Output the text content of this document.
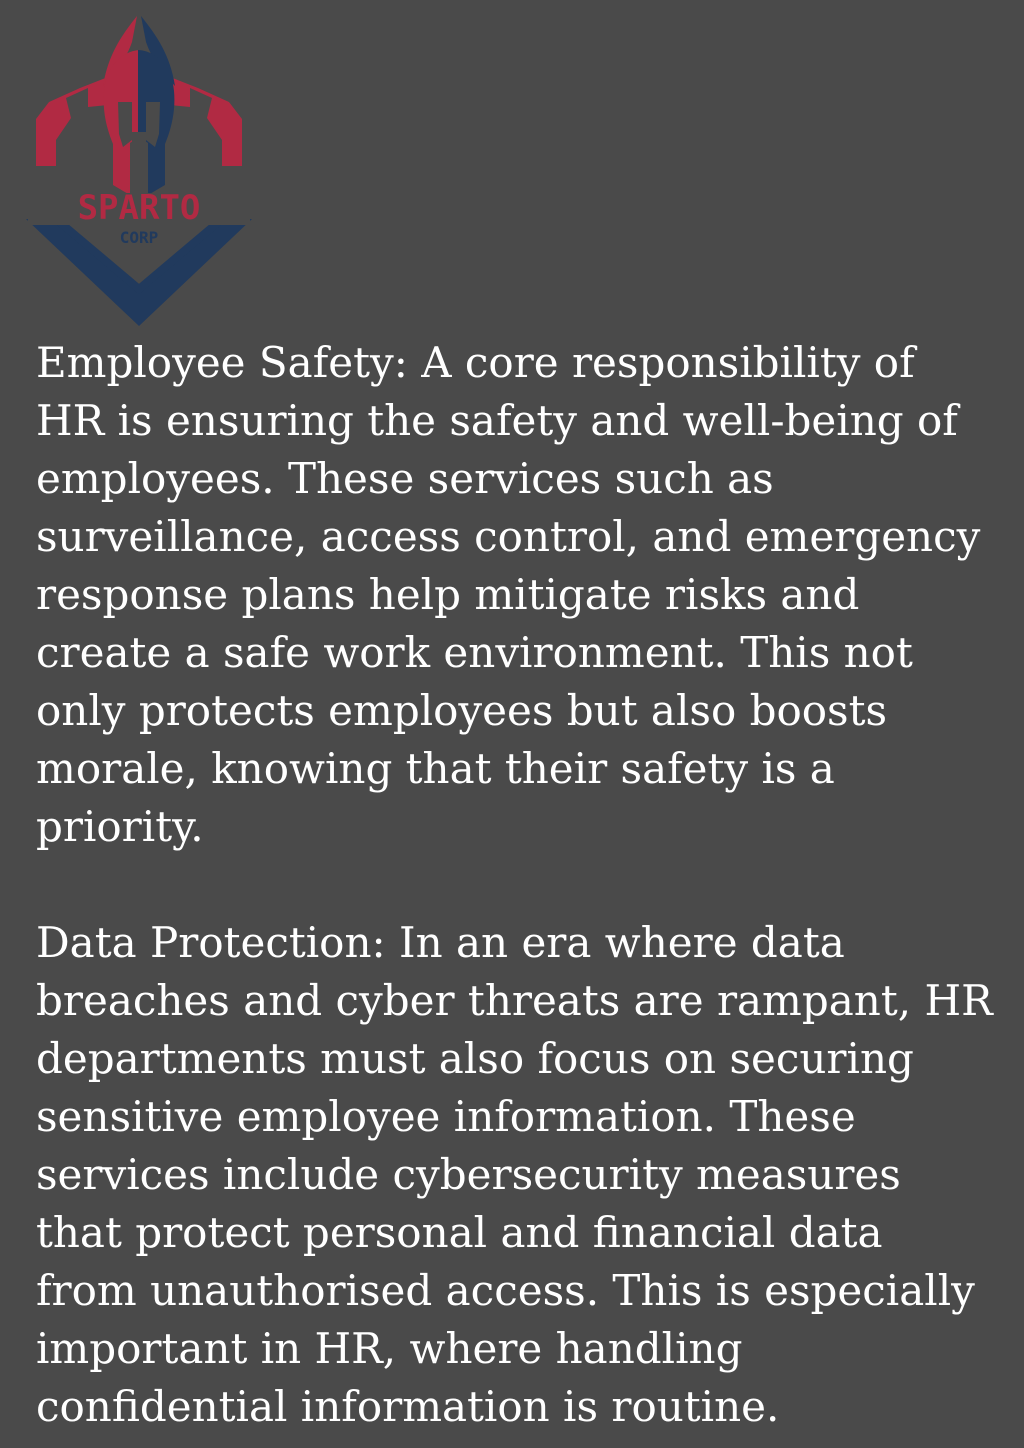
SPARTO
CORP

Employee Safety: A core responsibility of HR is ensuring the safety and well-being of employees. These services such as surveillance, access control, and emergency response plans help mitigate risks and create a safe work environment. This not only protects employees but also boosts morale, knowing that their safety is a priority.

Data Protection: In an era where data breaches and cyber threats are rampant, HR departments must also focus on securing sensitive employee information. These services include cybersecurity measures that protect personal and financial data from unauthorised access. This is especially important in HR, where handling confidential information is routine.
